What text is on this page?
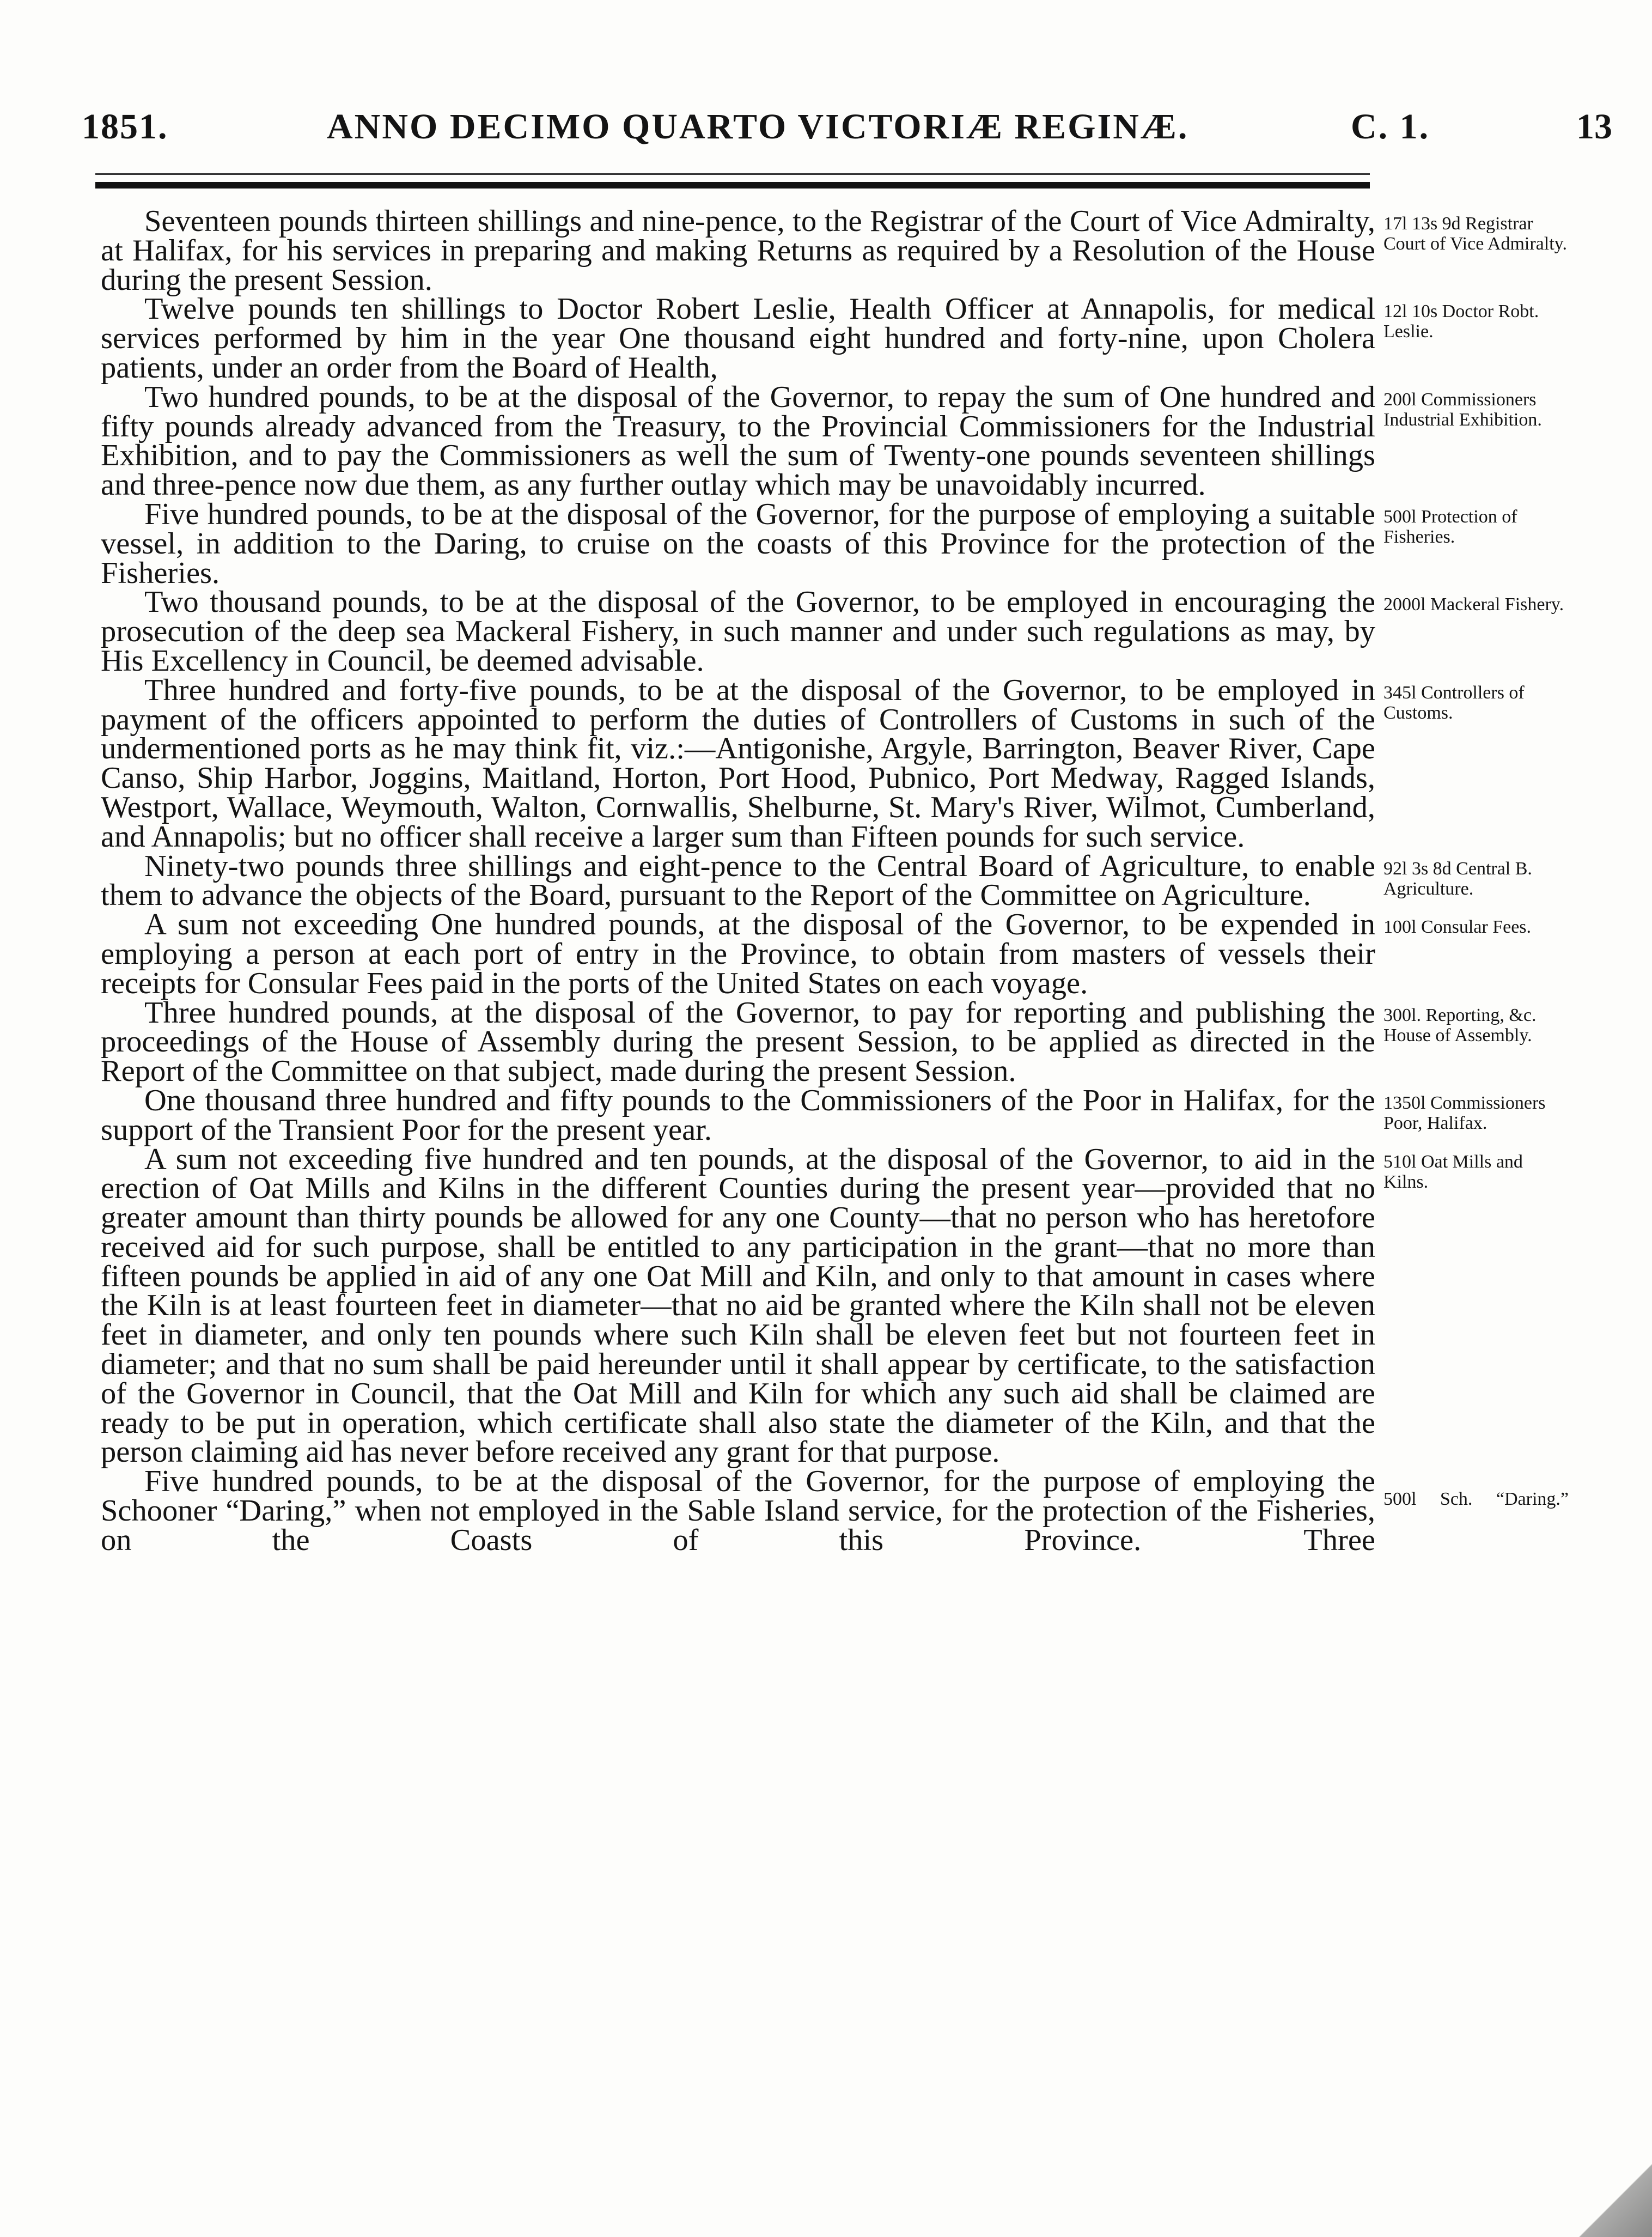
1851.	ANNO DECIMO QUARTO VICTORIÆ REGINÆ.	C. 1.	13
Seventeen pounds thirteen shillings and nine-pence, to the Registrar of the Court of Vice Admiralty, at Halifax, for his services in preparing and making Returns as required by a Resolution of the House during the present Session.
17l 13s 9d Registrar Court of Vice Admiralty.
Twelve pounds ten shillings to Doctor Robert Leslie, Health Officer at Annapolis, for medical services performed by him in the year One thousand eight hundred and forty-nine, upon Cholera patients, under an order from the Board of Health,
12l 10s Doctor Robt. Leslie.
Two hundred pounds, to be at the disposal of the Governor, to repay the sum of One hundred and fifty pounds already advanced from the Treasury, to the Provincial Commissioners for the Industrial Exhibition, and to pay the Commissioners as well the sum of Twenty-one pounds seventeen shillings and three-pence now due them, as any further outlay which may be unavoidably incurred.
200l Commissioners Industrial Exhibition.
Five hundred pounds, to be at the disposal of the Governor, for the purpose of employing a suitable vessel, in addition to the Daring, to cruise on the coasts of this Province for the protection of the Fisheries.
500l Protection of Fisheries.
Two thousand pounds, to be at the disposal of the Governor, to be employed in encouraging the prosecution of the deep sea Mackeral Fishery, in such manner and under such regulations as may, by His Excellency in Council, be deemed advisable.
2000l Mackeral Fishery.
Three hundred and forty-five pounds, to be at the disposal of the Governor, to be employed in payment of the officers appointed to perform the duties of Controllers of Customs in such of the undermentioned ports as he may think fit, viz.:—Antigonishe, Argyle, Barrington, Beaver River, Cape Canso, Ship Harbor, Joggins, Maitland, Horton, Port Hood, Pubnico, Port Medway, Ragged Islands, Westport, Wallace, Weymouth, Walton, Cornwallis, Shelburne, St. Mary's River, Wilmot, Cumberland, and Annapolis; but no officer shall receive a larger sum than Fifteen pounds for such service.
345l Controllers of Customs.
Ninety-two pounds three shillings and eight-pence to the Central Board of Agriculture, to enable them to advance the objects of the Board, pursuant to the Report of the Committee on Agriculture.
92l 3s 8d Central B. Agriculture.
A sum not exceeding One hundred pounds, at the disposal of the Governor, to be expended in employing a person at each port of entry in the Province, to obtain from masters of vessels their receipts for Consular Fees paid in the ports of the United States on each voyage.
100l Consular Fees.
Three hundred pounds, at the disposal of the Governor, to pay for reporting and publishing the proceedings of the House of Assembly during the present Session, to be applied as directed in the Report of the Committee on that subject, made during the present Session.
300l. Reporting, &c. House of Assembly.
One thousand three hundred and fifty pounds to the Commissioners of the Poor in Halifax, for the support of the Transient Poor for the present year.
1350l Commissioners Poor, Halifax.
A sum not exceeding five hundred and ten pounds, at the disposal of the Governor, to aid in the erection of Oat Mills and Kilns in the different Counties during the present year—provided that no greater amount than thirty pounds be allowed for any one County—that no person who has heretofore received aid for such purpose, shall be entitled to any participation in the grant—that no more than fifteen pounds be applied in aid of any one Oat Mill and Kiln, and only to that amount in cases where the Kiln is at least fourteen feet in diameter—that no aid be granted where the Kiln shall not be eleven feet in diameter, and only ten pounds where such Kiln shall be eleven feet but not fourteen feet in diameter; and that no sum shall be paid hereunder until it shall appear by certificate, to the satisfaction of the Governor in Council, that the Oat Mill and Kiln for which any such aid shall be claimed are ready to be put in operation, which certificate shall also state the diameter of the Kiln, and that the person claiming aid has never before received any grant for that purpose.
510l Oat Mills and Kilns.
Five hundred pounds, to be at the disposal of the Governor, for the purpose of employing the Schooner “Daring,” when not employed in the Sable Island service, for the protection of the Fisheries, on the Coasts of this Province.	Three
500l Sch. “Daring.”
